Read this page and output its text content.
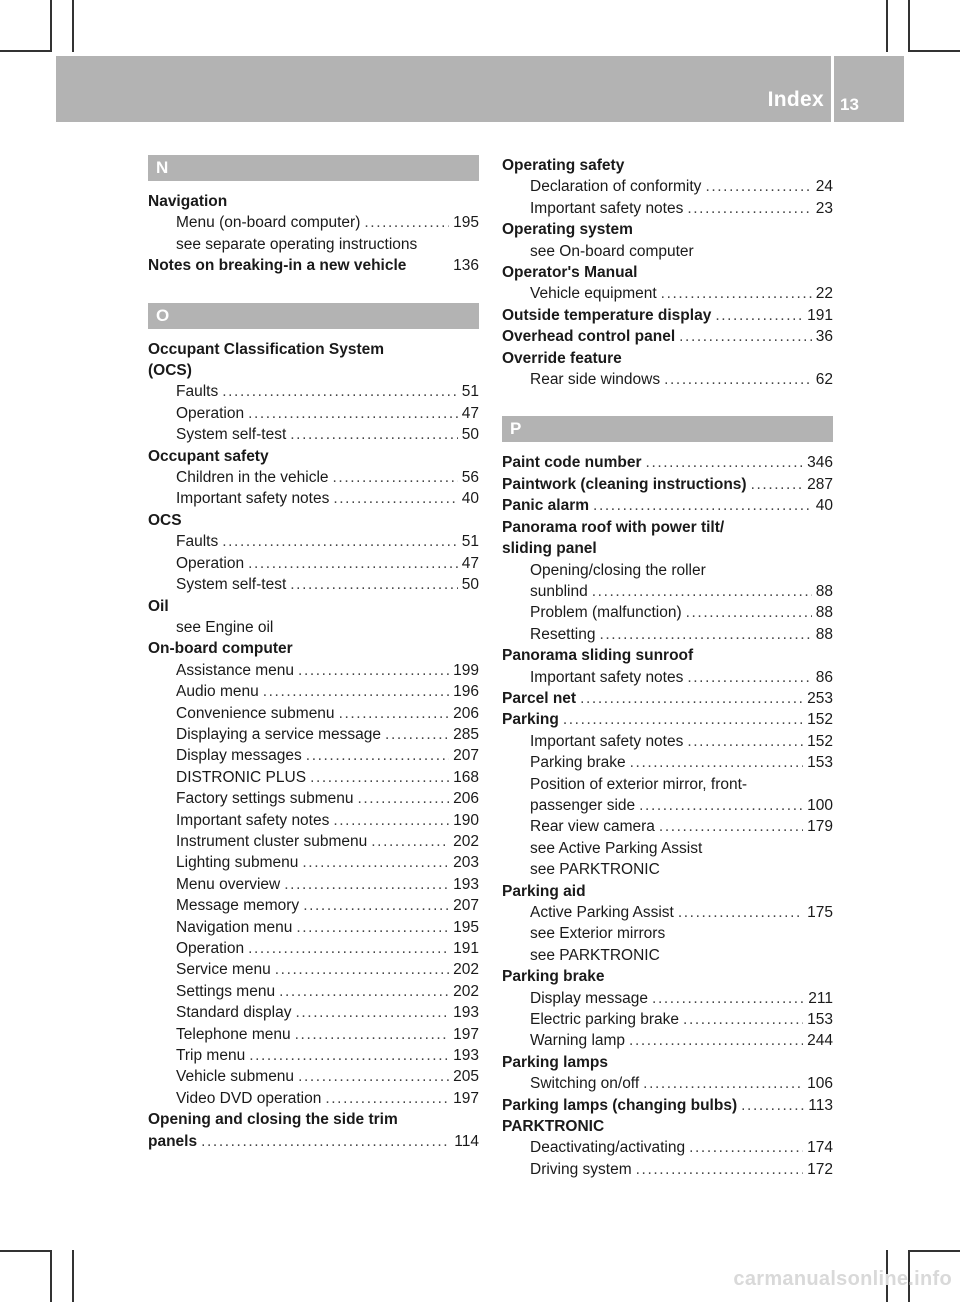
Index 13
N
Navigation
Menu (on-board computer) .....	195
see separate operating instructions
Notes on breaking-in a new vehicle	136
O
Occupant Classification System
(OCS)
Faults .....	51
Operation .....	47
System self-test .....	50
Occupant safety
Children in the vehicle .....	56
Important safety notes .....	40
OCS
Faults .....	51
Operation .....	47
System self-test .....	50
Oil
see Engine oil
On-board computer
Assistance menu .....	199
Audio menu .....	196
Convenience submenu .....	206
Displaying a service message .....	285
Display messages .....	207
DISTRONIC PLUS .....	168
Factory settings submenu .....	206
Important safety notes .....	190
Instrument cluster submenu .....	202
Lighting submenu .....	203
Menu overview .....	193
Message memory .....	207
Navigation menu .....	195
Operation .....	191
Service menu .....	202
Settings menu .....	202
Standard display .....	193
Telephone menu .....	197
Trip menu .....	193
Vehicle submenu .....	205
Video DVD operation .....	197
Opening and closing the side trim
panels .....	114
Operating safety
Declaration of conformity .....	24
Important safety notes .....	23
Operating system
see On-board computer
Operator's Manual
Vehicle equipment .....	22
Outside temperature display .....	191
Overhead control panel .....	36
Override feature
Rear side windows .....	62
P
Paint code number .....	346
Paintwork (cleaning instructions) .....	287
Panic alarm .....	40
Panorama roof with power tilt/
sliding panel
Opening/closing the roller
sunblind .....	88
Problem (malfunction) .....	88
Resetting .....	88
Panorama sliding sunroof
Important safety notes .....	86
Parcel net .....	253
Parking .....	152
Important safety notes .....	152
Parking brake .....	153
Position of exterior mirror, front-
passenger side .....	100
Rear view camera .....	179
see Active Parking Assist
see PARKTRONIC
Parking aid
Active Parking Assist .....	175
see Exterior mirrors
see PARKTRONIC
Parking brake
Display message .....	211
Electric parking brake .....	153
Warning lamp .....	244
Parking lamps
Switching on/off .....	106
Parking lamps (changing bulbs) .....	113
PARKTRONIC
Deactivating/activating .....	174
Driving system .....	172
carmanualsonline.info
